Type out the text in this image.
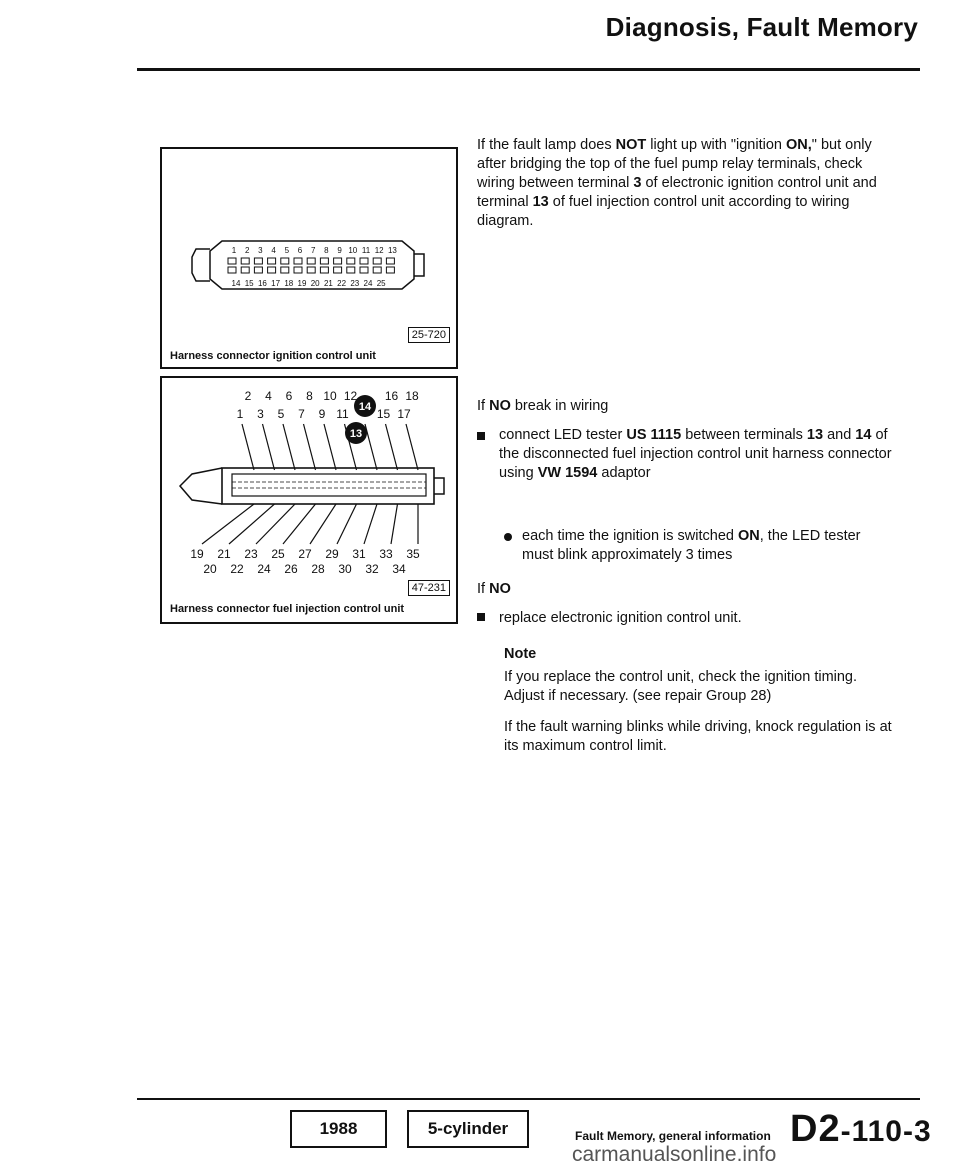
Diagnosis, Fault Memory
1 2 3 4 5 6 7 8 9 10 11 12 13
14 15 16 17 18 19 20 21 22 23 24 25
25-720
Harness connector ignition control unit
2 4 6 8 10 12 16 18
1 3 5 7 9 11 15 17
19 21 23 25 27 29 31 33 35
20 22 24 26 28 30 32 34
14
13
47-231
Harness connector fuel injection control unit
If the fault lamp does NOT light up with "ignition ON," but only after bridging the top of the fuel pump relay terminals, check wiring between terminal 3 of electronic ignition control unit and terminal 13 of fuel injection control unit according to wiring diagram.
If NO break in wiring
connect LED tester US 1115 between terminals 13 and 14 of the disconnected fuel injection control unit harness connector using VW 1594 adaptor
each time the ignition is switched ON, the LED tester must blink approximately 3 times
If NO
replace electronic ignition control unit.
Note
If you replace the control unit, check the ignition timing. Adjust if necessary. (see repair Group 28)
If the fault warning blinks while driving, knock regulation is at its maximum control limit.
1988	5-cylinder	Fault Memory, general information D2-110-3
carmanualsonline.info
